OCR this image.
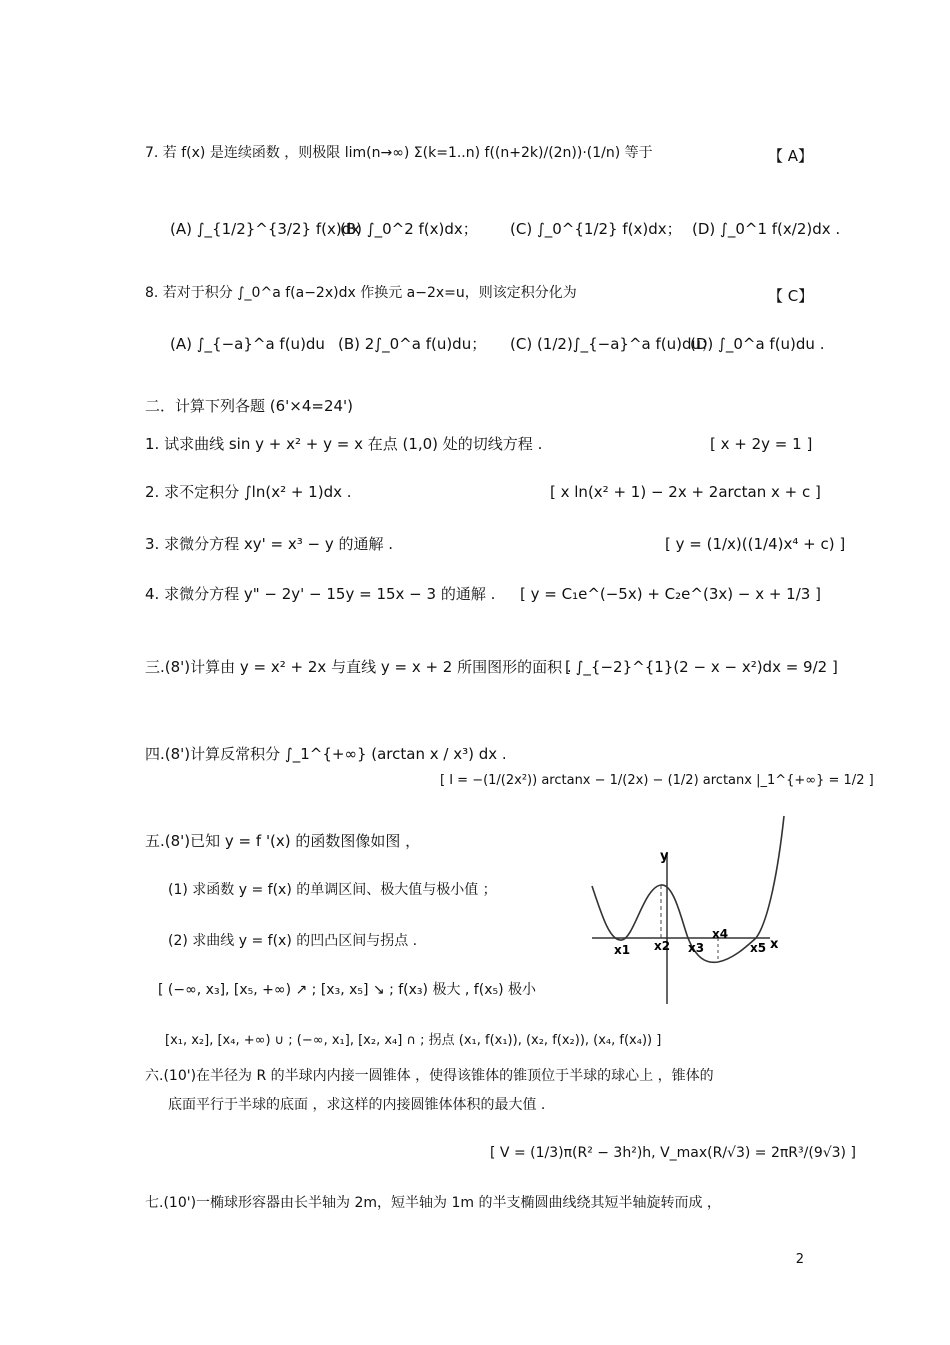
7. 若 f(x) 是连续函数 ，则极限 lim(n→∞) Σ(k=1..n) f((n+2k)/(2n))·(1/n) 等于	【 A】
(A) ∫_{1/2}^{3/2} f(x)dx
(B) ∫_0^2 f(x)dx； (C) ∫_0^{1/2} f(x)dx； (D) ∫_0^1 f(x/2)dx .
8. 若对于积分 ∫_0^a f(a−2x)dx 作换元 a−2x=u，则该定积分化为	【 C】
(A) ∫_{−a}^a f(u)du (B) 2∫_0^a f(u)du； (C) (1/2)∫_{−a}^a f(u)du；
(D) ∫_0^a f(u)du .
二．计算下列各题 (6'×4=24')
1. 试求曲线 sin y + x² + y = x 在点 (1,0) 处的切线方程 .	[ x + 2y = 1 ]
2. 求不定积分 ∫ln(x² + 1)dx .	[ x ln(x² + 1) − 2x + 2arctan x + c ]
3. 求微分方程 xy' = x³ − y 的通解 .	[ y = (1/x)((1/4)x⁴ + c) ]
4. 求微分方程 y" − 2y' − 15y = 15x − 3 的通解 . [ y = C₁e^(−5x) + C₂e^(3x) − x + 1/3 ]
三.(8')计算由 y = x² + 2x 与直线 y = x + 2 所围图形的面积 .
[ ∫_{−2}^{1}(2 − x − x²)dx = 9/2 ]
四.(8')计算反常积分 ∫_1^{+∞} (arctan x / x³) dx .
[ I = −(1/(2x²)) arctanx − 1/(2x) − (1/2) arctanx |_1^{+∞} = 1/2 ]
五.(8')已知 y = f '(x) 的函数图像如图 ，
(1) 求函数 y = f(x) 的单调区间、极大值与极小值 ；
(2) 求曲线 y = f(x) 的凹凸区间与拐点 .
[ (−∞, x₃], [x₅, +∞) ↗ ; [x₃, x₅] ↘ ; f(x₃) 极大 , f(x₅) 极小
[x₁, x₂], [x₄, +∞) ∪ ; (−∞, x₁], [x₂, x₄] ∩ ; 拐点 (x₁, f(x₁)), (x₂, f(x₂)), (x₄, f(x₄)) ]
y
x
x1 x2 x3
x4
x5
六.(10')在半径为 R 的半球内内接一圆锥体 ，使得该锥体的锥顶位于半球的球心上 ，锥体的
底面平行于半球的底面 ，求这样的内接圆锥体体积的最大值 .
[ V = (1/3)π(R² − 3h²)h, V_max(R/√3) = 2πR³/(9√3) ]
七.(10')一椭球形容器由长半轴为 2m，短半轴为 1m 的半支椭圆曲线绕其短半轴旋转而成 ，
2
